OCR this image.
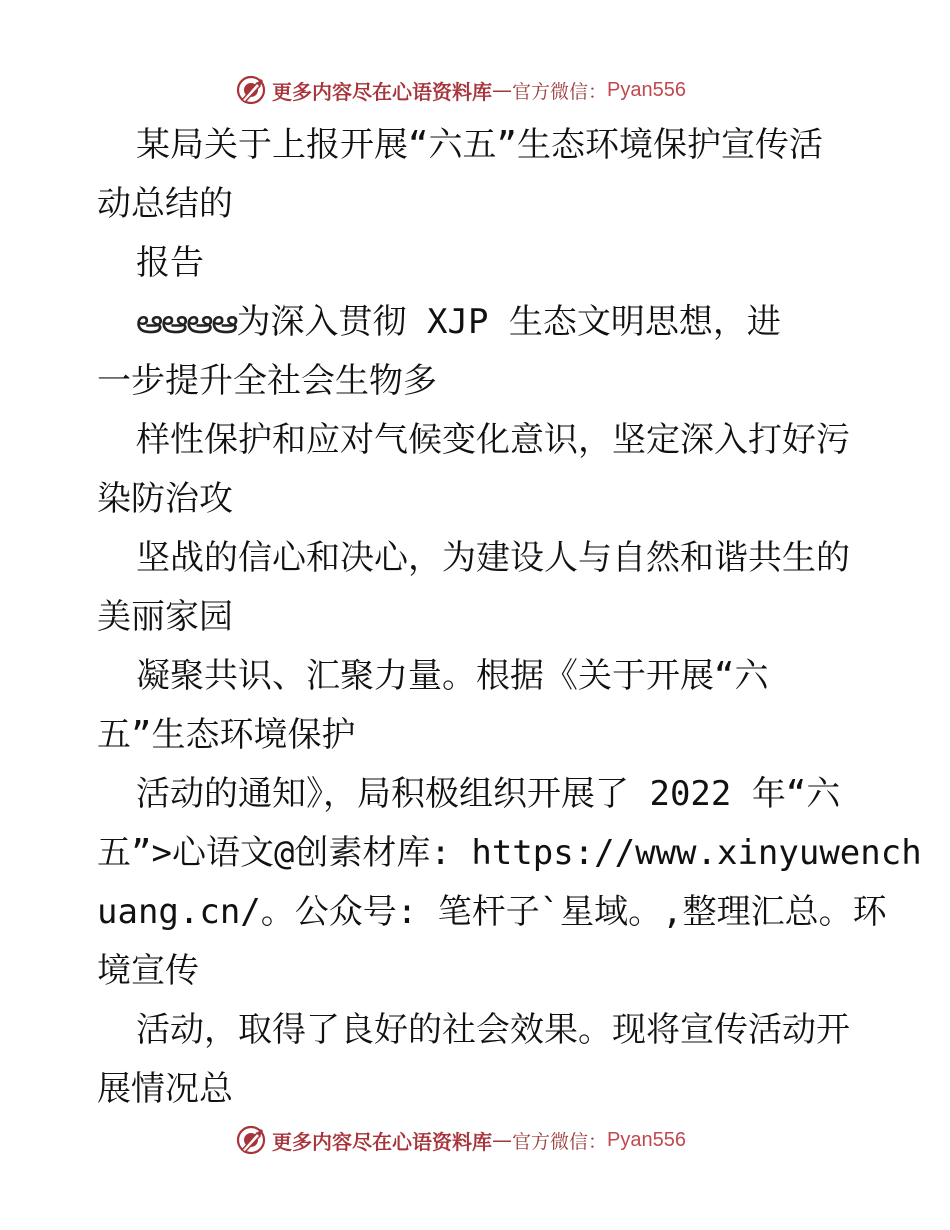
更多内容尽在心语资料库 — 官方微信： Pyan556
某局关于上报开展“六五”生态环境保护宣传活
动总结的
报告
ఆఆఆఆ为深入贯彻 XJP 生态文明思想，进
一步提升全社会生物多
样性保护和应对气候变化意识，坚定深入打好污
染防治攻
坚战的信心和决心，为建设人与自然和谐共生的
美丽家园
凝聚共识、汇聚力量。根据《关于开展“六
五”生态环境保护
活动的通知》，局积极组织开展了 2022 年“六
五”>心语文@创素材库: https://www.xinyuwench
uang.cn/。公众号: 笔杆子`星域。,整理汇总。环
境宣传
活动，取得了良好的社会效果。现将宣传活动开
展情况总
更多内容尽在心语资料库 — 官方微信： Pyan556
